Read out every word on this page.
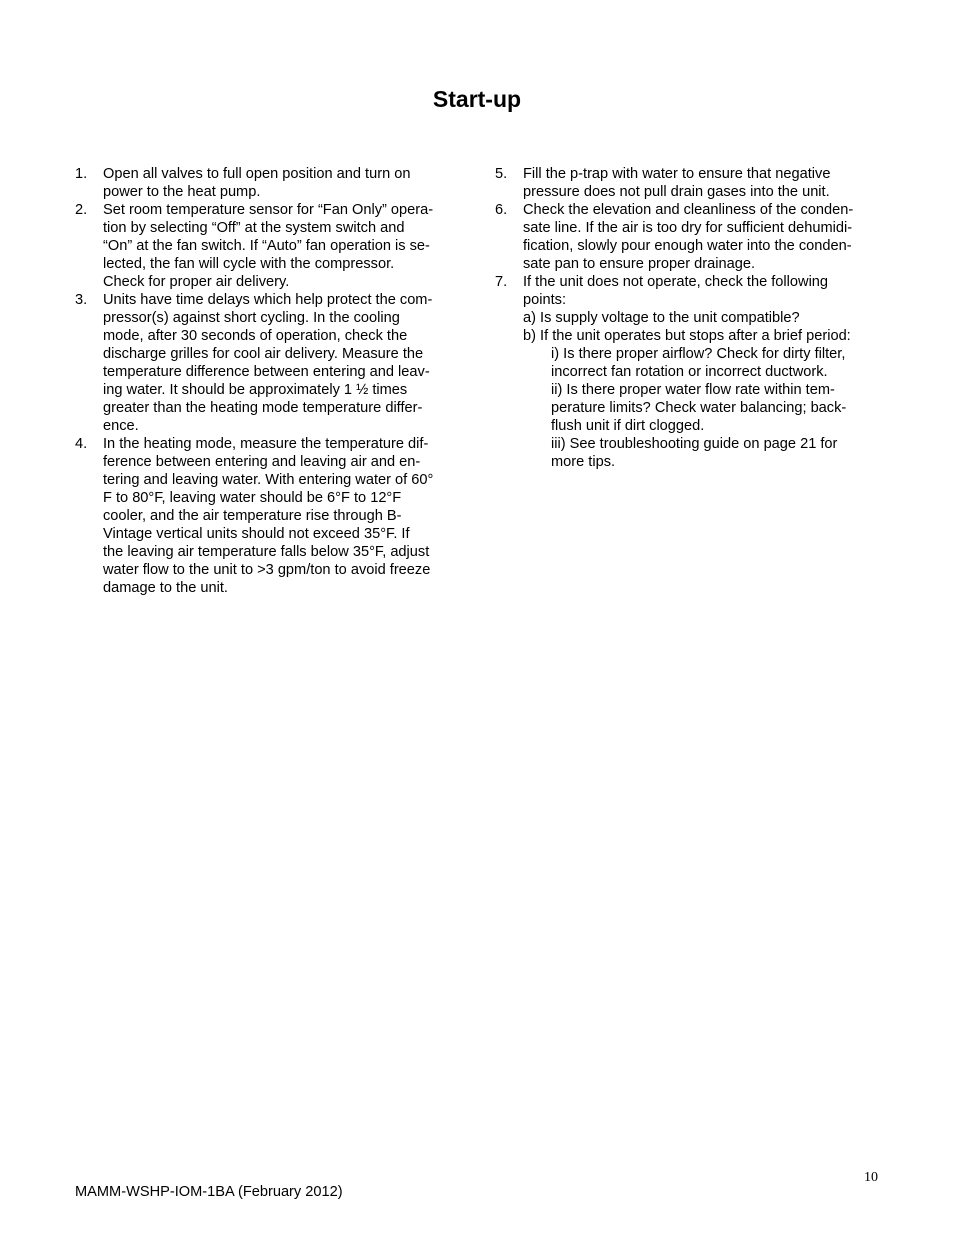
Start-up
1. Open all valves to full open position and turn on
power to the heat pump.
2. Set room temperature sensor for “Fan Only” opera-
tion by selecting “Off” at the system switch and
“On” at the fan switch. If “Auto” fan operation is se-
lected, the fan will cycle with the compressor.
Check for proper air delivery.
3. Units have time delays which help protect the com-
pressor(s) against short cycling. In the cooling
mode, after 30 seconds of operation, check the
discharge grilles for cool air delivery. Measure the
temperature difference between entering and leav-
ing water. It should be approximately 1 ½ times
greater than the heating mode temperature differ-
ence.
4. In the heating mode, measure the temperature dif-
ference between entering and leaving air and en-
tering and leaving water. With entering water of 60°
F to 80°F, leaving water should be 6°F to 12°F
cooler, and the air temperature rise through B-
Vintage vertical units should not exceed 35°F. If
the leaving air temperature falls below 35°F, adjust
water flow to the unit to >3 gpm/ton to avoid freeze
damage to the unit.
5. Fill the p-trap with water to ensure that negative
pressure does not pull drain gases into the unit.
6. Check the elevation and cleanliness of the conden-
sate line. If the air is too dry for sufficient dehumidi-
fication, slowly pour enough water into the conden-
sate pan to ensure proper drainage.
7. If the unit does not operate, check the following
points:
a) Is supply voltage to the unit compatible?
b) If the unit operates but stops after a brief period:
i) Is there proper airflow? Check for dirty filter,
incorrect fan rotation or incorrect ductwork.
ii) Is there proper water flow rate within tem-
perature limits? Check water balancing; back-
flush unit if dirt clogged.
iii) See troubleshooting guide on page 21 for
more tips.
10
MAMM-WSHP-IOM-1BA (February 2012)
